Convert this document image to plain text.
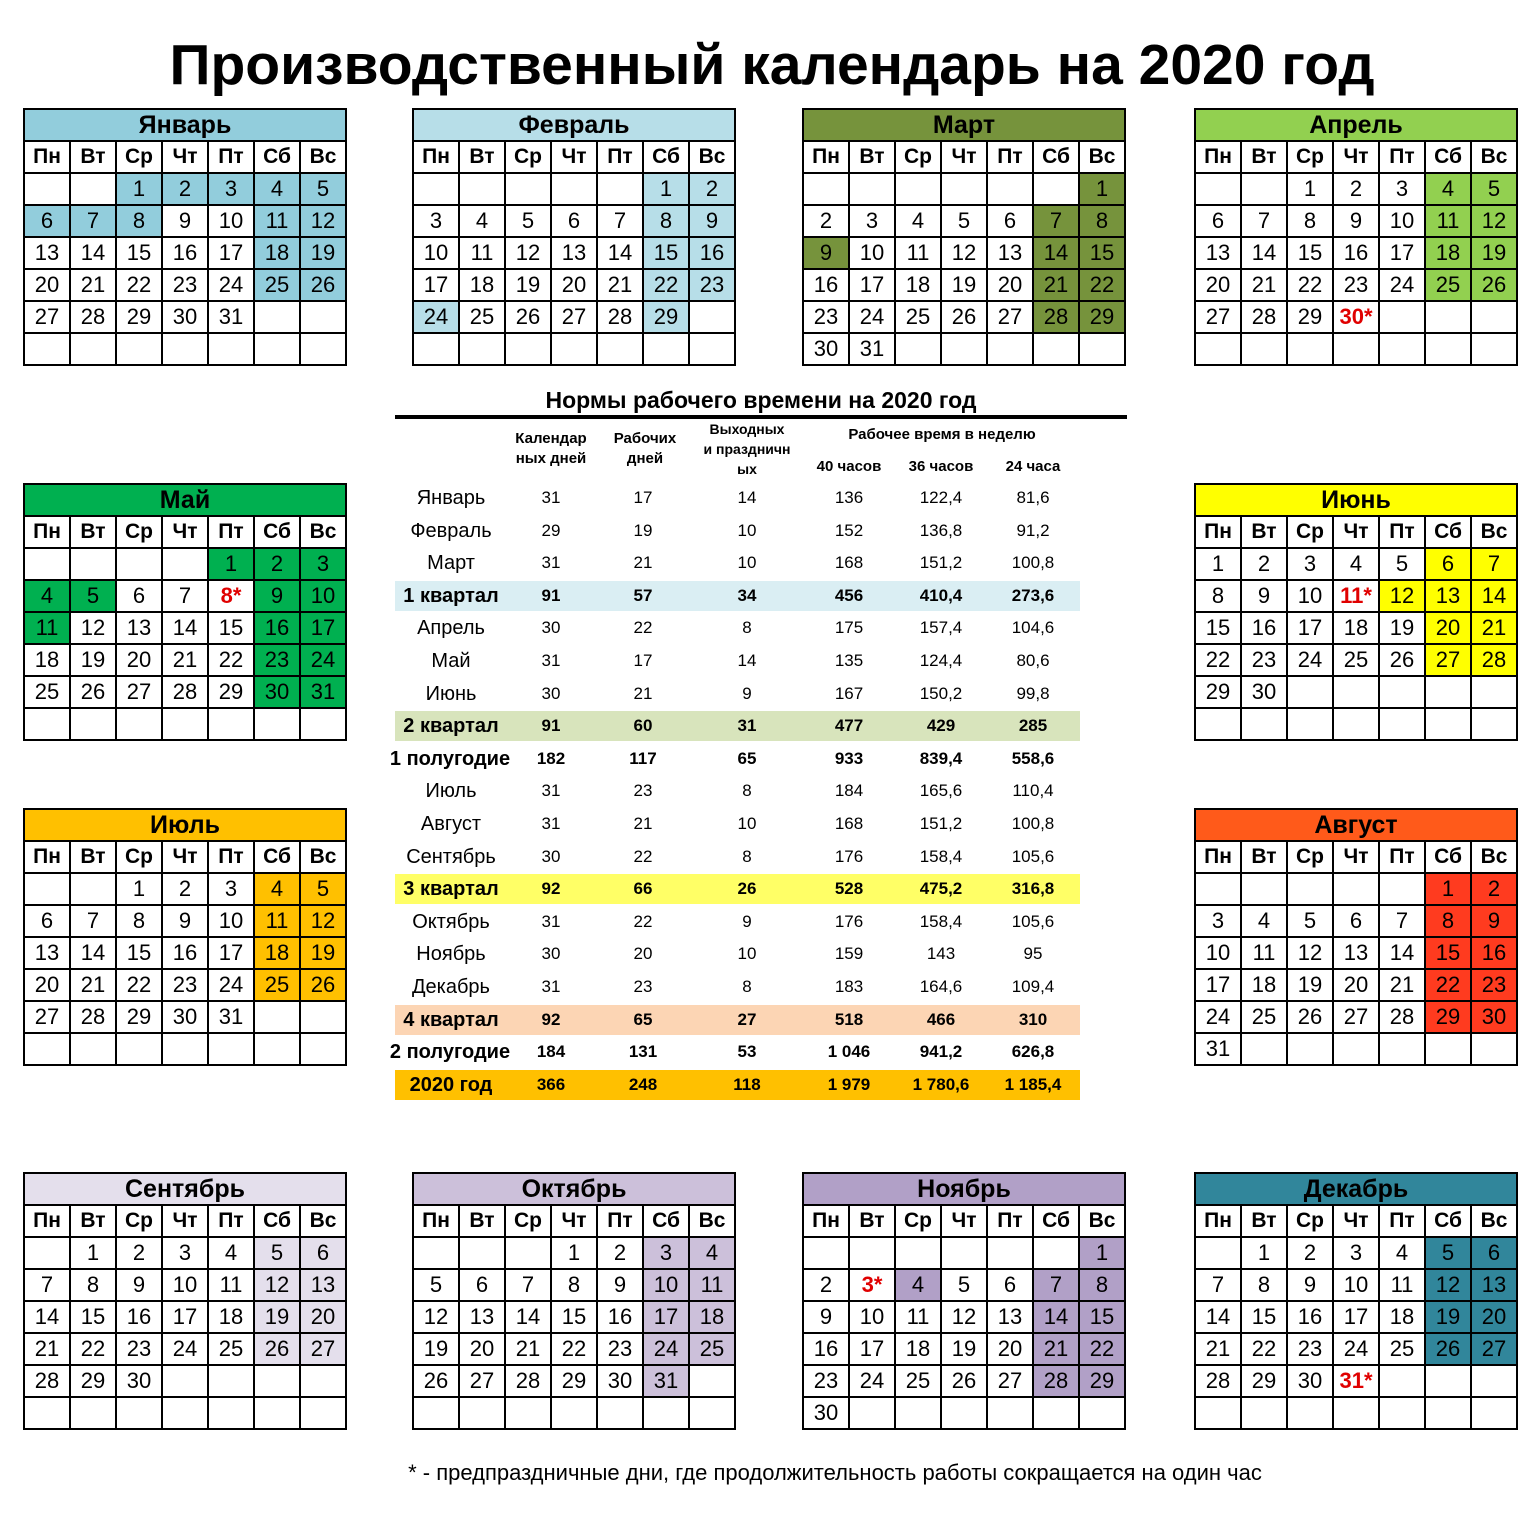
Производственный календарь на 2020 год
Январь						
Пн	Вт	Ср	Чт	Пт	Сб	Вс
		1	2	3	4	5
6	7	8	9	10	11	12
13	14	15	16	17	18	19
20	21	22	23	24	25	26
27	28	29	30	31		

Февраль						
Пн	Вт	Ср	Чт	Пт	Сб	Вс
					1	2
3	4	5	6	7	8	9
10	11	12	13	14	15	16
17	18	19	20	21	22	23
24	25	26	27	28	29	

Март						
Пн	Вт	Ср	Чт	Пт	Сб	Вс
						1
2	3	4	5	6	7	8
9	10	11	12	13	14	15
16	17	18	19	20	21	22
23	24	25	26	27	28	29
30	31					
Апрель						
Пн	Вт	Ср	Чт	Пт	Сб	Вс
		1	2	3	4	5
6	7	8	9	10	11	12
13	14	15	16	17	18	19
20	21	22	23	24	25	26
27	28	29	30*			

Май						
Пн	Вт	Ср	Чт	Пт	Сб	Вс
				1	2	3
4	5	6	7	8*	9	10
11	12	13	14	15	16	17
18	19	20	21	22	23	24
25	26	27	28	29	30	31

Июнь						
Пн	Вт	Ср	Чт	Пт	Сб	Вс
1	2	3	4	5	6	7
8	9	10	11*	12	13	14
15	16	17	18	19	20	21
22	23	24	25	26	27	28
29	30					

Июль						
Пн	Вт	Ср	Чт	Пт	Сб	Вс
		1	2	3	4	5
6	7	8	9	10	11	12
13	14	15	16	17	18	19
20	21	22	23	24	25	26
27	28	29	30	31		

Август						
Пн	Вт	Ср	Чт	Пт	Сб	Вс
					1	2
3	4	5	6	7	8	9
10	11	12	13	14	15	16
17	18	19	20	21	22	23
24	25	26	27	28	29	30
31						
Сентябрь						
Пн	Вт	Ср	Чт	Пт	Сб	Вс
	1	2	3	4	5	6
7	8	9	10	11	12	13
14	15	16	17	18	19	20
21	22	23	24	25	26	27
28	29	30				

Октябрь						
Пн	Вт	Ср	Чт	Пт	Сб	Вс
			1	2	3	4
5	6	7	8	9	10	11
12	13	14	15	16	17	18
19	20	21	22	23	24	25
26	27	28	29	30	31	

Ноябрь						
Пн	Вт	Ср	Чт	Пт	Сб	Вс
						1
2	3*	4	5	6	7	8
9	10	11	12	13	14	15
16	17	18	19	20	21	22
23	24	25	26	27	28	29
30						
Декабрь						
Пн	Вт	Ср	Чт	Пт	Сб	Вс
	1	2	3	4	5	6
7	8	9	10	11	12	13
14	15	16	17	18	19	20
21	22	23	24	25	26	27
28	29	30	31*			

Нормы рабочего времени на 2020 год
Календар
ных дней
Рабочих
дней
Выходных
и праздничн
ых
Рабочее время в неделю
40 часов	36 часов	24 часа
Январь	31	17	14	136	122,4	81,6
Февраль	29	19	10	152	136,8	91,2
Март	31	21	10	168	151,2	100,8
1 квартал	91	57	34	456	410,4	273,6
Апрель	30	22	8	175	157,4	104,6
Май	31	17	14	135	124,4	80,6
Июнь	30	21	9	167	150,2	99,8
2 квартал	91	60	31	477	429	285
1 полугодие	182	117	65	933	839,4	558,6
Июль	31	23	8	184	165,6	110,4
Август	31	21	10	168	151,2	100,8
Сентябрь	30	22	8	176	158,4	105,6
3 квартал	92	66	26	528	475,2	316,8
Октябрь	31	22	9	176	158,4	105,6
Ноябрь	30	20	10	159	143	95
Декабрь	31	23	8	183	164,6	109,4
4 квартал	92	65	27	518	466	310
2 полугодие	184	131	53	1 046	941,2	626,8
2020 год	366	248	118	1 979	1 780,6	1 185,4
* - предпраздничные дни, где продолжительность работы сокращается на один час
